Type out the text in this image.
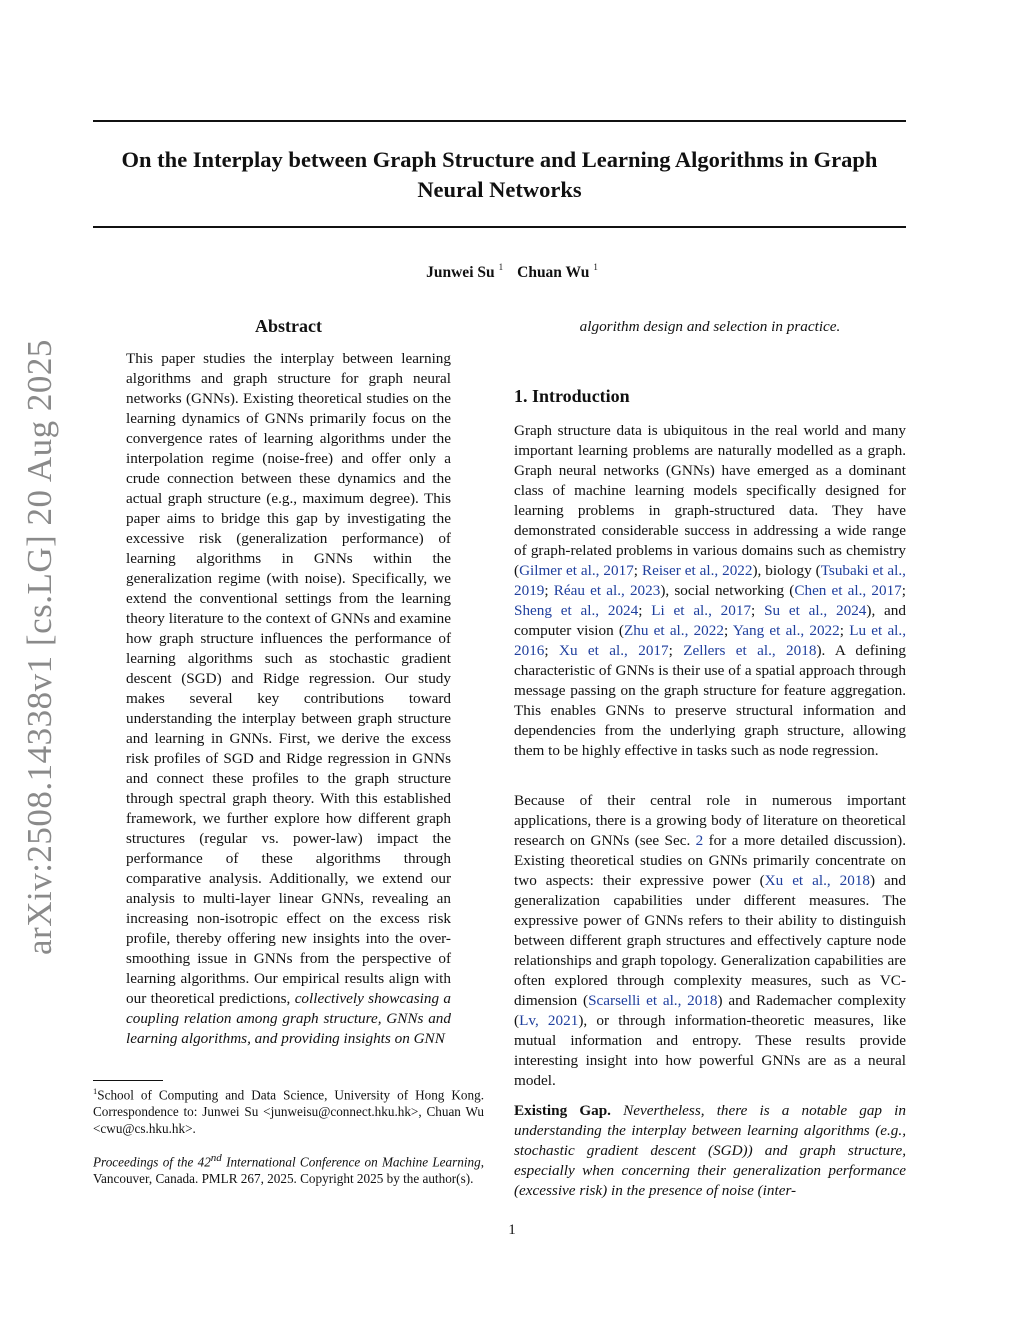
arXiv:2508.14338v1 [cs.LG] 20 Aug 2025
On the Interplay between Graph Structure and Learning Algorithms in Graph
Neural Networks
Junwei Su $^1$ Chuan Wu $^1$
Abstract

This paper studies the interplay between learning algorithms and graph structure for graph neural networks (GNNs). Existing theoretical studies on the learning dynamics of GNNs primarily focus on the convergence rates of learning algorithms under the interpolation regime (noise-free) and offer only a crude connection between these dynamics and the actual graph structure (e.g., maximum degree). This paper aims to bridge this gap by investigating the excessive risk (generalization performance) of learning algorithms in GNNs within the generalization regime (with noise). Specifically, we extend the conventional settings from the learning theory literature to the context of GNNs and examine how graph structure influences the performance of learning algorithms such as stochastic gradient descent (SGD) and Ridge regression. Our study makes several key contributions toward understanding the interplay between graph structure and learning in GNNs. First, we derive the excess risk profiles of SGD and Ridge regression in GNNs and connect these profiles to the graph structure through spectral graph theory. With this established framework, we further explore how different graph structures (regular vs. power-law) impact the performance of these algorithms through comparative analysis. Additionally, we extend our analysis to multi-layer linear GNNs, revealing an increasing non-isotropic effect on the excess risk profile, thereby offering new insights into the over-smoothing issue in GNNs from the perspective of learning algorithms. Our empirical results align with our theoretical predictions, collectively showcasing a coupling relation among graph structure, GNNs and learning algorithms, and providing insights on GNN

$^1$School of Computing and Data Science, University of Hong Kong. Correspondence to: Junwei Su <junweisu@connect.hku.hk>, Chuan Wu <cwu@cs.hku.hk>.

Proceedings of the 42nd International Conference on Machine Learning, Vancouver, Canada. PMLR 267, 2025. Copyright 2025 by the author(s).

algorithm design and selection in practice.

1. Introduction

Graph structure data is ubiquitous in the real world and many important learning problems are naturally modelled as a graph. Graph neural networks (GNNs) have emerged as a dominant class of machine learning models specifically designed for learning problems in graph-structured data. They have demonstrated considerable success in addressing a wide range of graph-related problems in various domains such as chemistry (Gilmer et al., 2017; Reiser et al., 2022), biology (Tsubaki et al., 2019; Réau et al., 2023), social networking (Chen et al., 2017; Sheng et al., 2024; Li et al., 2017; Su et al., 2024), and computer vision (Zhu et al., 2022; Yang et al., 2022; Lu et al., 2016; Xu et al., 2017; Zellers et al., 2018). A defining characteristic of GNNs is their use of a spatial approach through message passing on the graph structure for feature aggregation. This enables GNNs to preserve structural information and dependencies from the underlying graph structure, allowing them to be highly effective in tasks such as node regression.

Because of their central role in numerous important applications, there is a growing body of literature on theoretical research on GNNs (see Sec. 2 for a more detailed discussion). Existing theoretical studies on GNNs primarily concentrate on two aspects: their expressive power (Xu et al., 2018) and generalization capabilities under different measures. The expressive power of GNNs refers to their ability to distinguish between different graph structures and effectively capture node relationships and graph topology. Generalization capabilities are often explored through complexity measures, such as VC-dimension (Scarselli et al., 2018) and Rademacher complexity (Lv, 2021), or through information-theoretic measures, like mutual information and entropy. These results provide interesting insight into how powerful GNNs are as a neural model.

Existing Gap. Nevertheless, there is a notable gap in understanding the interplay between learning algorithms (e.g., stochastic gradient descent (SGD)) and graph structure, especially when concerning their generalization performance (excessive risk) in the presence of noise (inter-

1
